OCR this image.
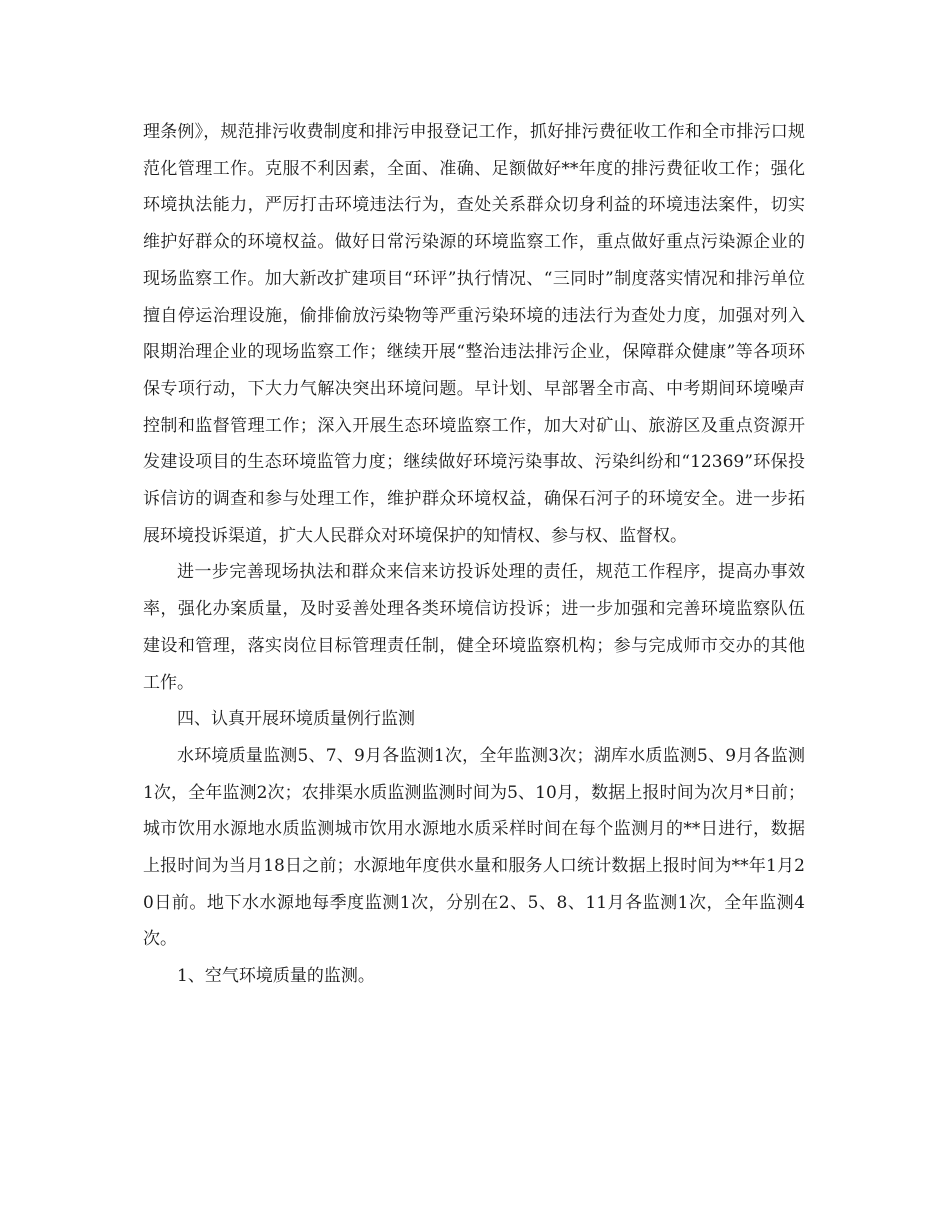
理条例》，规范排污收费制度和排污申报登记工作，抓好排污费征收工作和全市排污口规范化管理工作。克服不利因素，全面、准确、足额做好**年度的排污费征收工作；强化环境执法能力，严厉打击环境违法行为，查处关系群众切身利益的环境违法案件，切实维护好群众的环境权益。做好日常污染源的环境监察工作，重点做好重点污染源企业的现场监察工作。加大新改扩建项目“环评”执行情况、“三同时”制度落实情况和排污单位擅自停运治理设施，偷排偷放污染物等严重污染环境的违法行为查处力度，加强对列入限期治理企业的现场监察工作；继续开展“整治违法排污企业，保障群众健康”等各项环保专项行动，下大力气解决突出环境问题。早计划、早部署全市高、中考期间环境噪声控制和监督管理工作；深入开展生态环境监察工作，加大对矿山、旅游区及重点资源开发建设项目的生态环境监管力度；继续做好环境污染事故、污染纠纷和“12369”环保投诉信访的调查和参与处理工作，维护群众环境权益，确保石河子的环境安全。进一步拓展环境投诉渠道，扩大人民群众对环境保护的知情权、参与权、监督权。

进一步完善现场执法和群众来信来访投诉处理的责任，规范工作程序，提高办事效率，强化办案质量，及时妥善处理各类环境信访投诉；进一步加强和完善环境监察队伍建设和管理，落实岗位目标管理责任制，健全环境监察机构；参与完成师市交办的其他工作。

四、认真开展环境质量例行监测

水环境质量监测5、7、9月各监测1次，全年监测3次；湖库水质监测5、9月各监测1次，全年监测2次；农排渠水质监测监测时间为5、10月，数据上报时间为次月*日前；城市饮用水源地水质监测城市饮用水源地水质采样时间在每个监测月的**日进行，数据上报时间为当月18日之前；水源地年度供水量和服务人口统计数据上报时间为**年1月20日前。地下水水源地每季度监测1次，分别在2、5、8、11月各监测1次，全年监测4次。

1、空气环境质量的监测。
